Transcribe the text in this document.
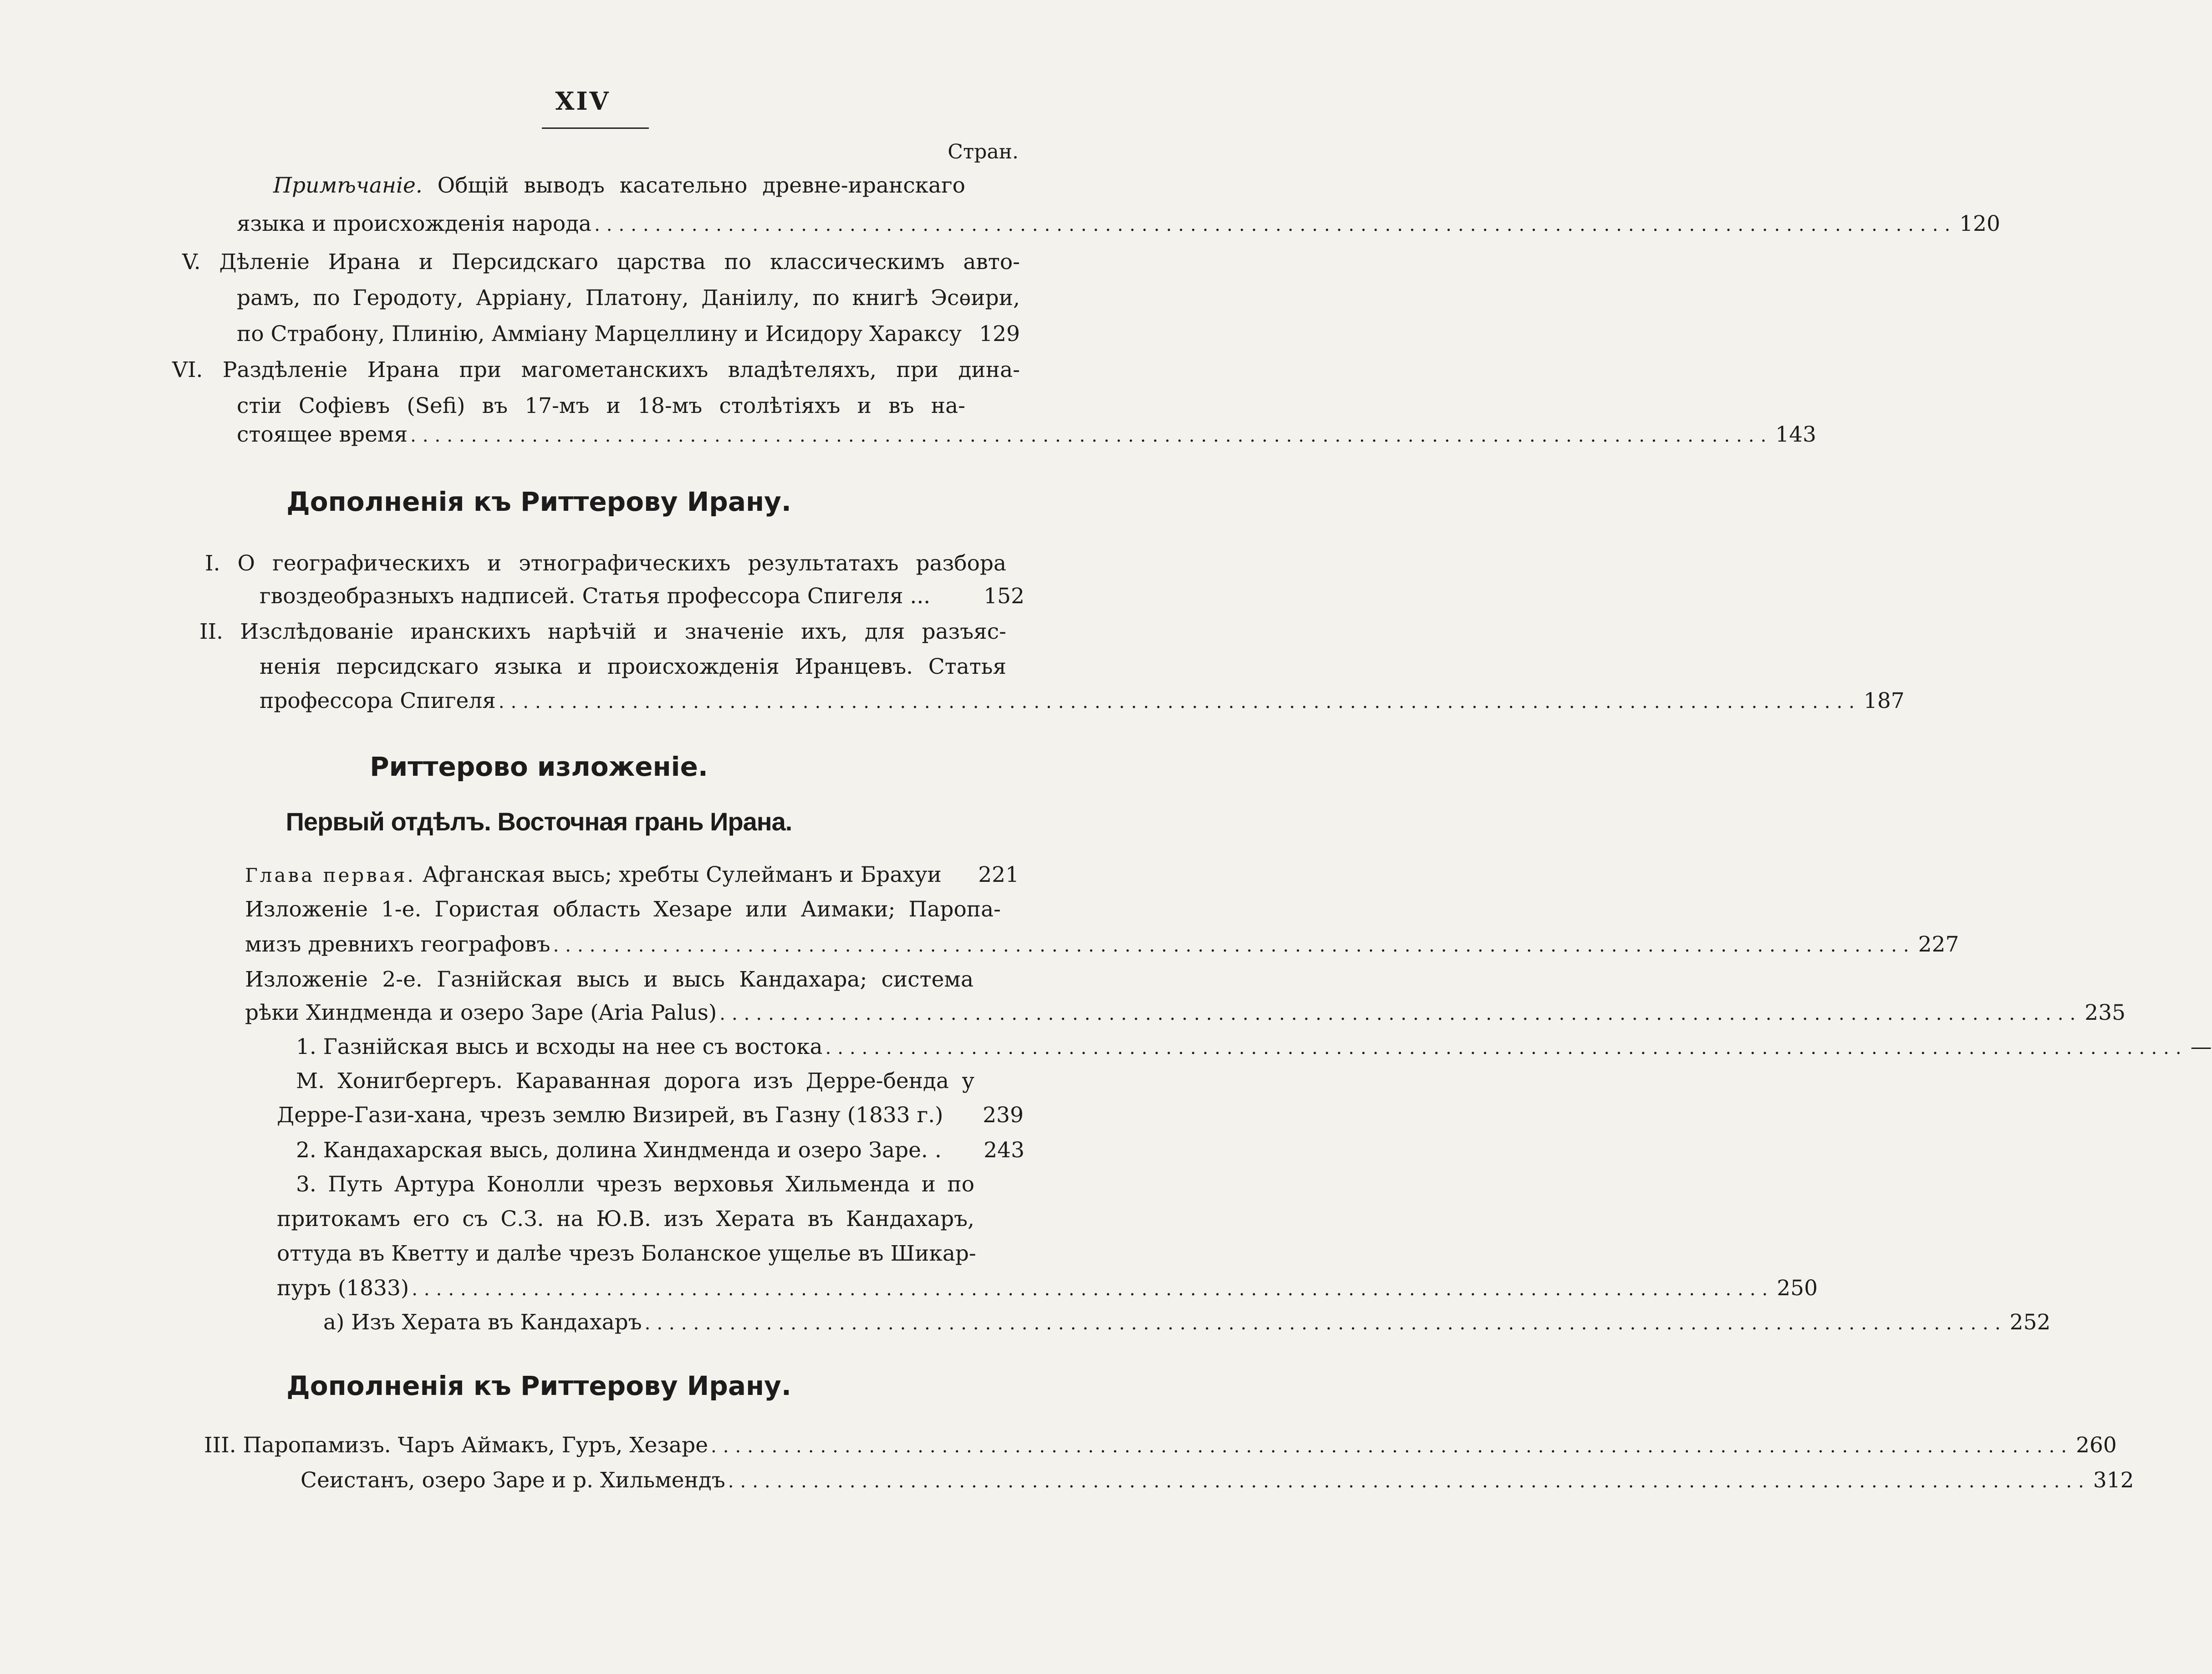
XIV
Стран.
Примѣчаніе. Общій выводъ касательно древне-иранскаго
языка и происхожденія народа ................................................................................................................ 120
V. Дѣленіе Ирана и Персидскаго царства по классическимъ авто-
рамъ, по Геродоту, Арріану, Платону, Даніилу, по книгѣ Эсѳири,
по Страбону, Плинію, Амміану Марцеллину и Исидору Хараксу 129
VI. Раздѣленіе Ирана при магометанскихъ владѣтеляхъ, при дина-
стіи Софіевъ (Sefi) въ 17-мъ и 18-мъ столѣтіяхъ и въ на-
стоящее время ................................................................................................................ 143
Дополненія къ Риттерову Ирану.
I. О географическихъ и этнографическихъ результатахъ разбора
гвоздеобразныхъ надписей. Статья профессора Спигеля ... 152
II. Изслѣдованіе иранскихъ нарѣчій и значеніе ихъ, для разъяс-
ненія персидскаго языка и происхожденія Иранцевъ. Статья
профессора Спигеля ................................................................................................................ 187
Риттерово изложеніе.
Первый отдѣлъ. Восточная грань Ирана.
Глава первая. Афганская высь; хребты Сулейманъ и Брахуи 221
Изложеніе 1-е. Гористая область Хезаре или Аимаки; Паропа-
мизъ древнихъ географовъ ................................................................................................................ 227
Изложеніе 2-е. Газнійская высь и высь Кандахара; система
рѣки Хиндменда и озеро Заре (Aria Palus) ................................................................................................................ 235
1. Газнійская высь и всходы на нее съ востока ................................................................................................................ —
М. Хонигбергеръ. Караванная дорога изъ Дерре-бенда у
Дерре-Гази-хана, чрезъ землю Визирей, въ Газну (1833 г.) 239
2. Кандахарская высь, долина Хиндменда и озеро Заре. . 243
3. Путь Артура Конолли чрезъ верховья Хильменда и по
притокамъ его съ С.З. на Ю.В. изъ Херата въ Кандахаръ,
оттуда въ Кветту и далѣе чрезъ Боланское ущелье въ Шикар-
пуръ (1833) ................................................................................................................ 250
а) Изъ Херата въ Кандахаръ ................................................................................................................ 252
Дополненія къ Риттерову Ирану.
III. Паропамизъ. Чаръ Аймакъ, Гуръ, Хезаре ................................................................................................................ 260
Сеистанъ, озеро Заре и р. Хильмендъ ................................................................................................................ 312
